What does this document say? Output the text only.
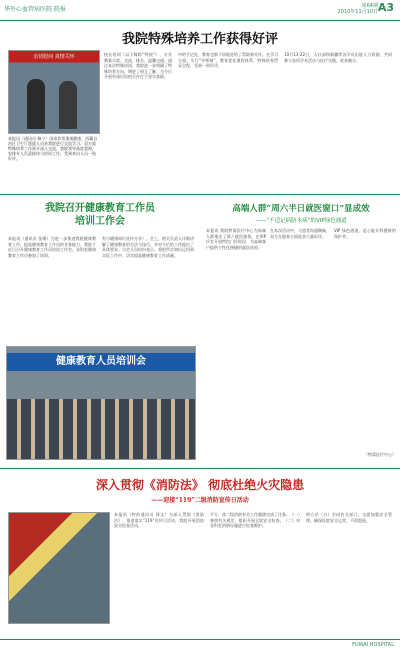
华外心血管病医院 院报	第64期
2010年11月10日 A3
我院特殊培养工作获得好评
亲切慰问 真情关怀
本报讯（通讯员 杨宁）国家非常重视健康，西藏自治区卫生厅派遣人员来我院进行交流学习。双方就特殊培养工作展开深入交流，我院领导高度重视，安排专人负责接待与培训工作，受到来访人员一致好评。
校长培训（以下简称“特校”），专业教案丰富，交流，排名，温馨交通。通过本次特殊培训，我院进一步明确了特殊培养方向，增进了相互了解，为今后开展更深层次的合作打下坚实基础。
中的手足处，教育也都不同地处给了帮助和关怀。在学习方面，实行“导师制”，教育优化课程体系，特殊培养贯穿全程，受到一致好评。
10月13-22日，人社部和新疆等各学员出院人力资源，共同参与各项学术活动与医疗实践，收获颇丰。
我院召开健康教育工作员
培训工作会
本报讯（通讯员 张娜）为进一步推进我院健康教育工作，提高健康教育工作员的业务能力，我院于近日召开健康教育工作员培训工作会。各科室健康教育工作员参加了培训。
有与健康知识宣传分享）。会上，相关负责人详细讲解了健康教育的方法与技巧，并对今后的工作提出了具体要求。与会人员纷纷表示，将把所学知识运用到实际工作中，切实提高健康教育工作质量。
健康教育人员培训会
高端人群“周六半日就医窗口”显成效
——“不适记病防未病”的VIP绿色通道
本报讯 我院特需医疗中心为高端人群推出了周六就医服务，在VIP诊室开放特色门诊时段，为高端客户提供个性化便捷的就医体验。
在本次活动中，与患者沟通顺畅，双方在服务方面收获大量好评。
VIP 绿色通道，是心脏专科健康的保护伞。
（特需医疗中心）
深入贯彻《消防法》 彻底杜绝火灾隐患
——迎接“119”二级消防宣传日活动
本报讯（特约通讯员 郑文）为深入贯彻《消防法》，推进落实“119”宣传日活动，我院开展消防安全检查活动。
平方，使二级消防有关工作圆满完成了任务。（一）参照有关规定，组织开展全院安全检查。（二）对各科室消防设施进行检查维护。
明方法（五）会同有关部门，全面加强安全管理，确保医院安全运营，不留隐患。
FUWAI HOSPITAL
